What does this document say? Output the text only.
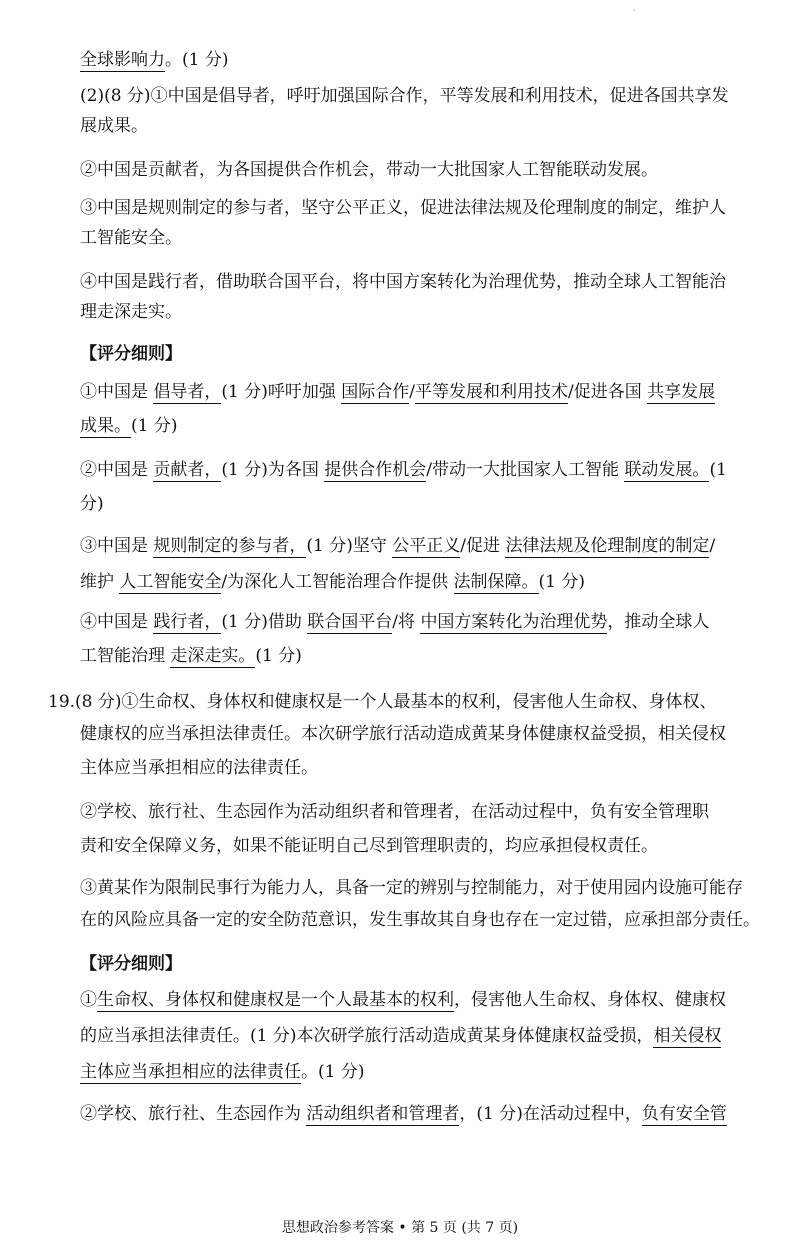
·
思想政治参考答案 • 第 5 页 (共 7 页)
全球影响力。(1 分)
(2)(8 分)①中国是倡导者，呼吁加强国际合作，平等发展和利用技术，促进各国共享发
展成果。
②中国是贡献者，为各国提供合作机会，带动一大批国家人工智能联动发展。
③中国是规则制定的参与者，坚守公平正义，促进法律法规及伦理制度的制定，维护人
工智能安全。
④中国是践行者，借助联合国平台，将中国方案转化为治理优势，推动全球人工智能治
理走深走实。
【评分细则】
①中国是 倡导者，(1 分)呼吁加强 国际合作/平等发展和利用技术/促进各国 共享发展
成果。(1 分)
②中国是 贡献者，(1 分)为各国 提供合作机会/带动一大批国家人工智能 联动发展。(1
分)
③中国是 规则制定的参与者，(1 分)坚守 公平正义/促进 法律法规及伦理制度的制定/
维护 人工智能安全/为深化人工智能治理合作提供 法制保障。(1 分)
④中国是 践行者，(1 分)借助 联合国平台/将 中国方案转化为治理优势，推动全球人
工智能治理 走深走实。(1 分)
19.(8 分)①生命权、身体权和健康权是一个人最基本的权利，侵害他人生命权、身体权、
健康权的应当承担法律责任。本次研学旅行活动造成黄某身体健康权益受损，相关侵权
主体应当承担相应的法律责任。
②学校、旅行社、生态园作为活动组织者和管理者，在活动过程中，负有安全管理职
责和安全保障义务，如果不能证明自己尽到管理职责的，均应承担侵权责任。
③黄某作为限制民事行为能力人，具备一定的辨别与控制能力，对于使用园内设施可能存
在的风险应具备一定的安全防范意识，发生事故其自身也存在一定过错，应承担部分责任。
【评分细则】
①生命权、身体权和健康权是一个人最基本的权利，侵害他人生命权、身体权、健康权
的应当承担法律责任。(1 分)本次研学旅行活动造成黄某身体健康权益受损，相关侵权
主体应当承担相应的法律责任。(1 分)
②学校、旅行社、生态园作为 活动组织者和管理者，(1 分)在活动过程中，负有安全管
